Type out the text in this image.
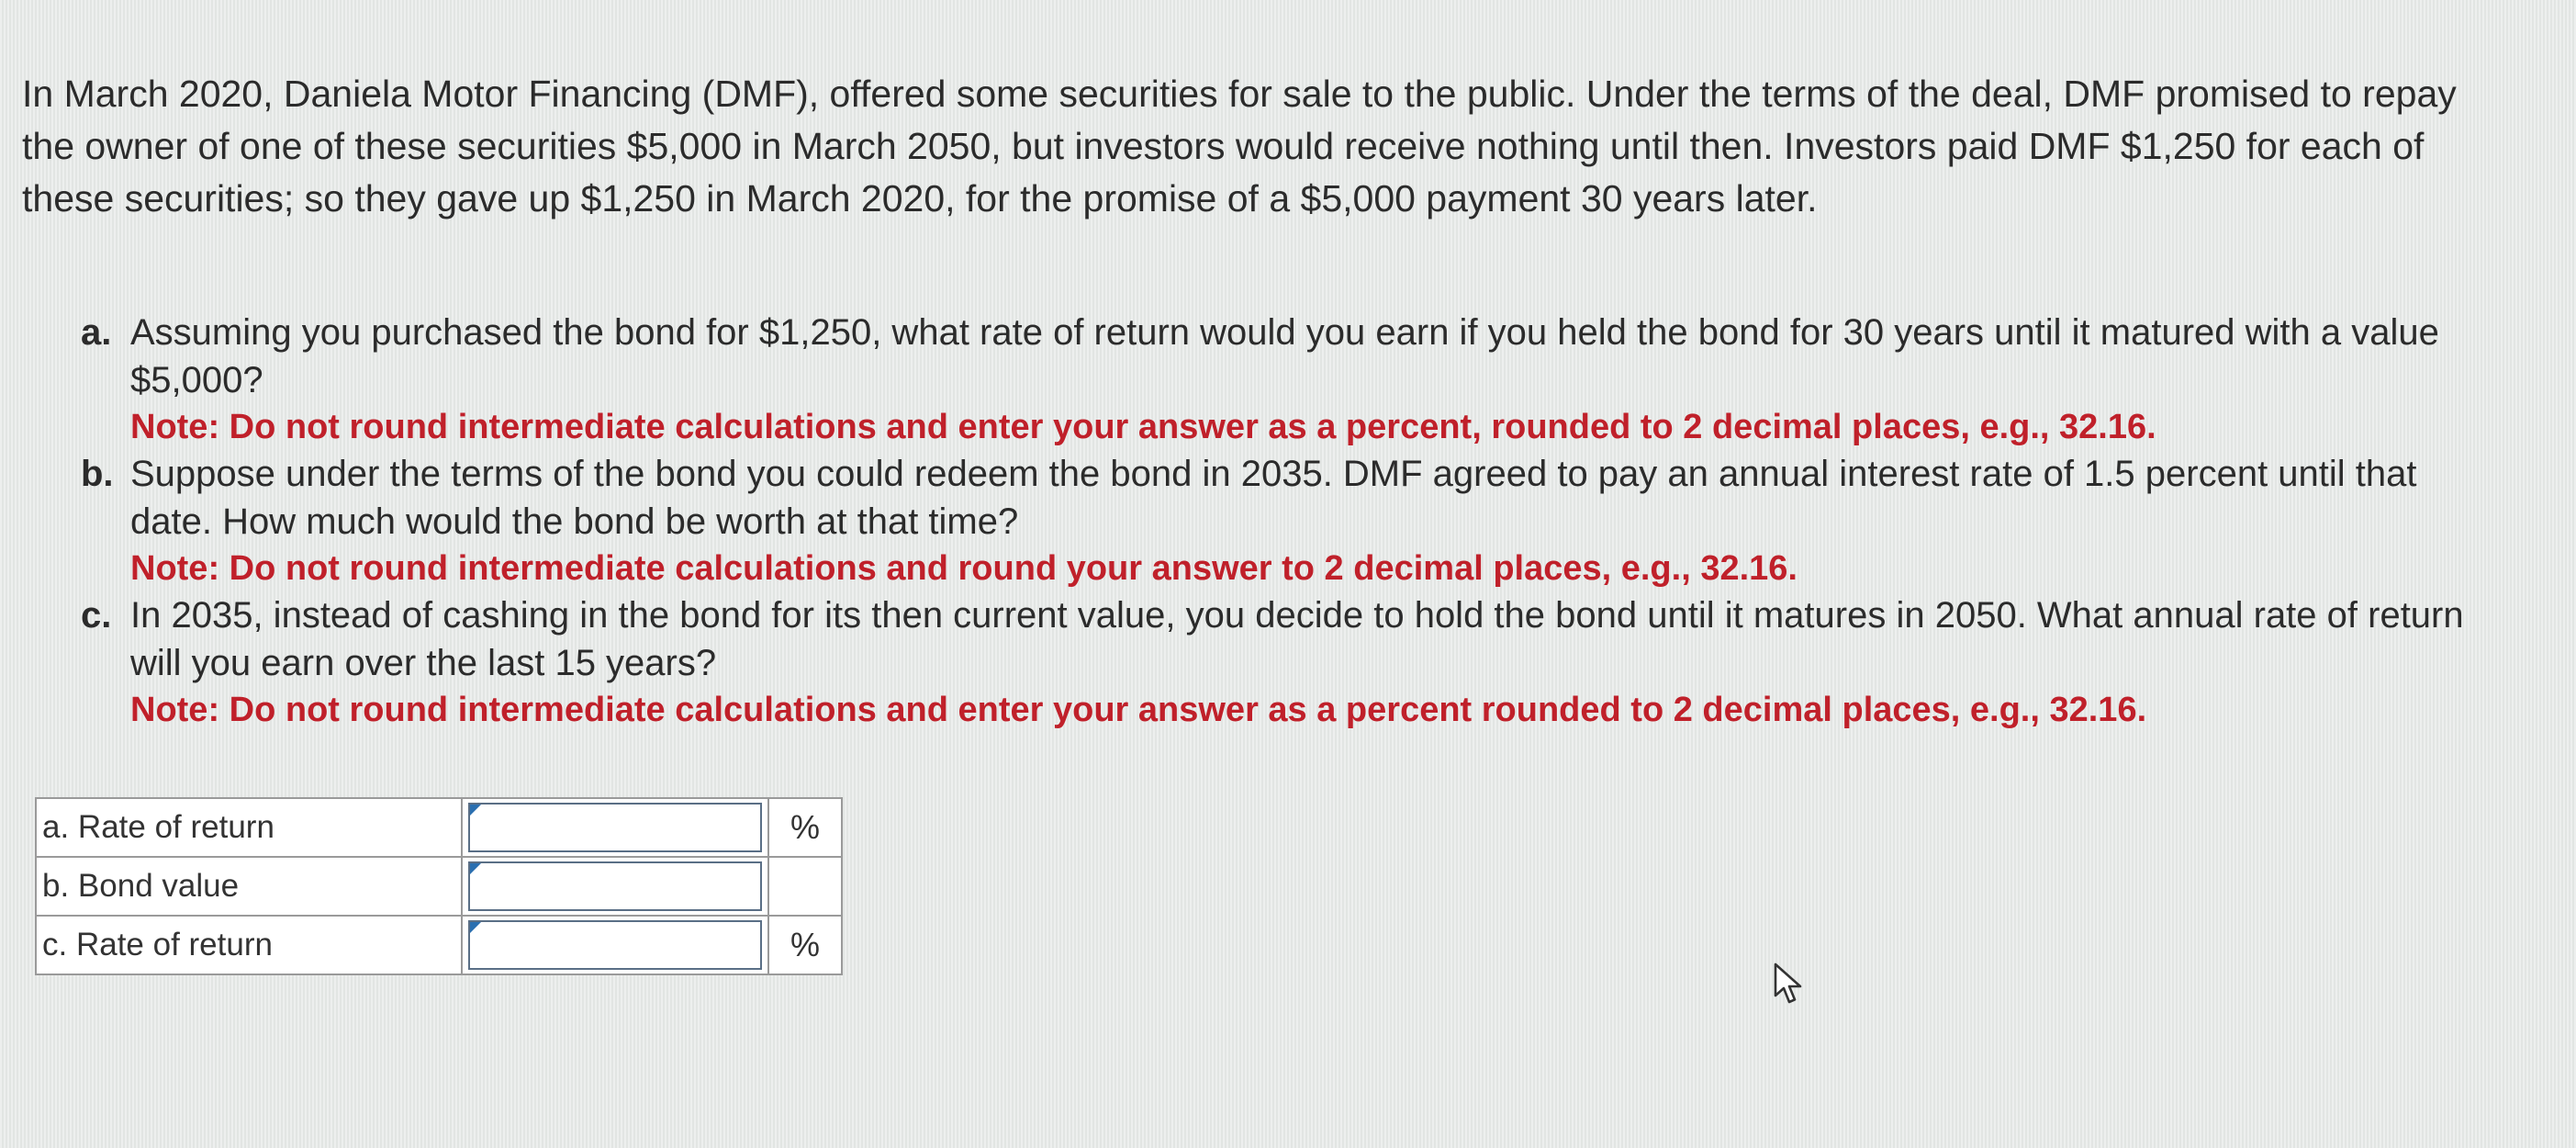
In March 2020, Daniela Motor Financing (DMF), offered some securities for sale to the public. Under the terms of the deal, DMF promised to repay the owner of one of these securities $5,000 in March 2050, but investors would receive nothing until then. Investors paid DMF $1,250 for each of these securities; so they gave up $1,250 in March 2020, for the promise of a $5,000 payment 30 years later.

a. Assuming you purchased the bond for $1,250, what rate of return would you earn if you held the bond for 30 years until it matured with a value $5,000?

Note: Do not round intermediate calculations and enter your answer as a percent, rounded to 2 decimal places, e.g., 32.16.

b. Suppose under the terms of the bond you could redeem the bond in 2035. DMF agreed to pay an annual interest rate of 1.5 percent until that date. How much would the bond be worth at that time?

Note: Do not round intermediate calculations and round your answer to 2 decimal places, e.g., 32.16.

c. In 2035, instead of cashing in the bond for its then current value, you decide to hold the bond until it matures in 2050. What annual rate of return will you earn over the last 15 years?

Note: Do not round intermediate calculations and enter your answer as a percent rounded to 2 decimal places, e.g., 32.16.

a. Rate of return		%
b. Bond value	

c. Rate of return		%
